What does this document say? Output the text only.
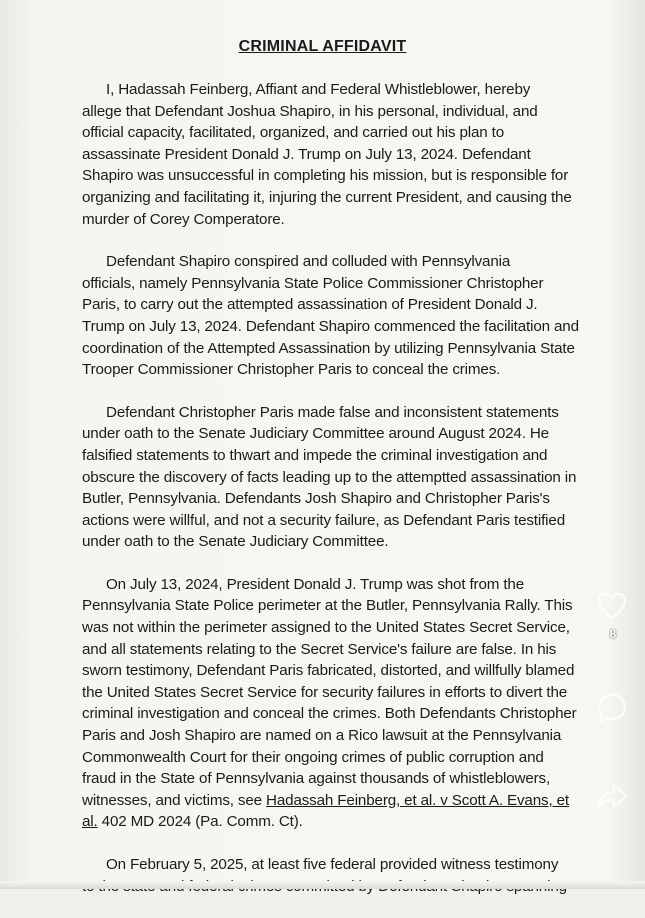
CRIMINAL AFFIDAVIT
I, Hadassah Feinberg, Affiant and Federal Whistleblower, hereby
allege that Defendant Joshua Shapiro, in his personal, individual, and
official capacity, facilitated, organized, and carried out his plan to
assassinate President Donald J. Trump on July 13, 2024. Defendant
Shapiro was unsuccessful in completing his mission, but is responsible for
organizing and facilitating it, injuring the current President, and causing the
murder of Corey Comperatore.
Defendant Shapiro conspired and colluded with Pennsylvania
officials, namely Pennsylvania State Police Commissioner Christopher
Paris, to carry out the attempted assassination of President Donald J.
Trump on July 13, 2024. Defendant Shapiro commenced the facilitation and
coordination of the Attempted Assassination by utilizing Pennsylvania State
Trooper Commissioner Christopher Paris to conceal the crimes.
Defendant Christopher Paris made false and inconsistent statements
under oath to the Senate Judiciary Committee around August 2024. He
falsified statements to thwart and impede the criminal investigation and
obscure the discovery of facts leading up to the attemptted assassination in
Butler, Pennsylvania. Defendants Josh Shapiro and Christopher Paris's
actions were willful, and not a security failure, as Defendant Paris testified
under oath to the Senate Judiciary Committee.
On July 13, 2024, President Donald J. Trump was shot from the
Pennsylvania State Police perimeter at the Butler, Pennsylvania Rally. This
was not within the perimeter assigned to the United States Secret Service,
and all statements relating to the Secret Service's failure are false. In his
sworn testimony, Defendant Paris fabricated, distorted, and willfully blamed
the United States Secret Service for security failures in efforts to divert the
criminal investigation and conceal the crimes. Both Defendants Christopher
Paris and Josh Shapiro are named on a Rico lawsuit at the Pennsylvania
Commonwealth Court for their ongoing crimes of public corruption and
fraud in the State of Pennsylvania against thousands of whistleblowers,
witnesses, and victims, see Hadassah Feinberg, et al. v Scott A. Evans, et
al. 402 MD 2024 (Pa. Comm. Ct).
On February 5, 2025, at least five federal provided witness testimony
8
